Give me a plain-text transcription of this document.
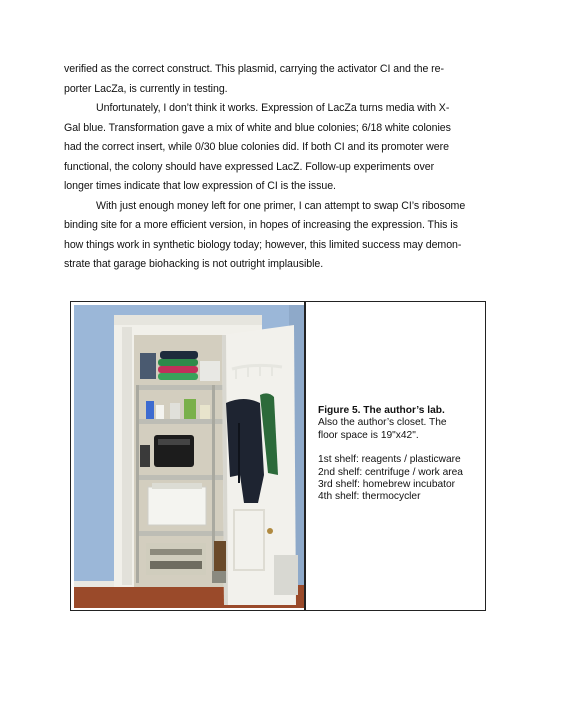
verified as the correct construct. This plasmid, carrying the activator CI and the re-
porter LacZa, is currently in testing.

Unfortunately, I don’t think it works. Expression of LacZa turns media with X-
Gal blue. Transformation gave a mix of white and blue colonies; 6/18 white colonies
had the correct insert, while 0/30 blue colonies did. If both CI and its promoter were
functional, the colony should have expressed LacZ. Follow-up experiments over
longer times indicate that low expression of CI is the issue.

With just enough money left for one primer, I can attempt to swap CI’s ribosome
binding site for a more efficient version, in hopes of increasing the expression. This is
how things work in synthetic biology today; however, this limited success may demon-
strate that garage biohacking is not outright implausible.

Figure 5. The author’s lab.
Also the author’s closet. The
floor space is 19"x42".
1st shelf: reagents / plasticware
2nd shelf: centrifuge / work area
3rd shelf: homebrew incubator
4th shelf: thermocycler
